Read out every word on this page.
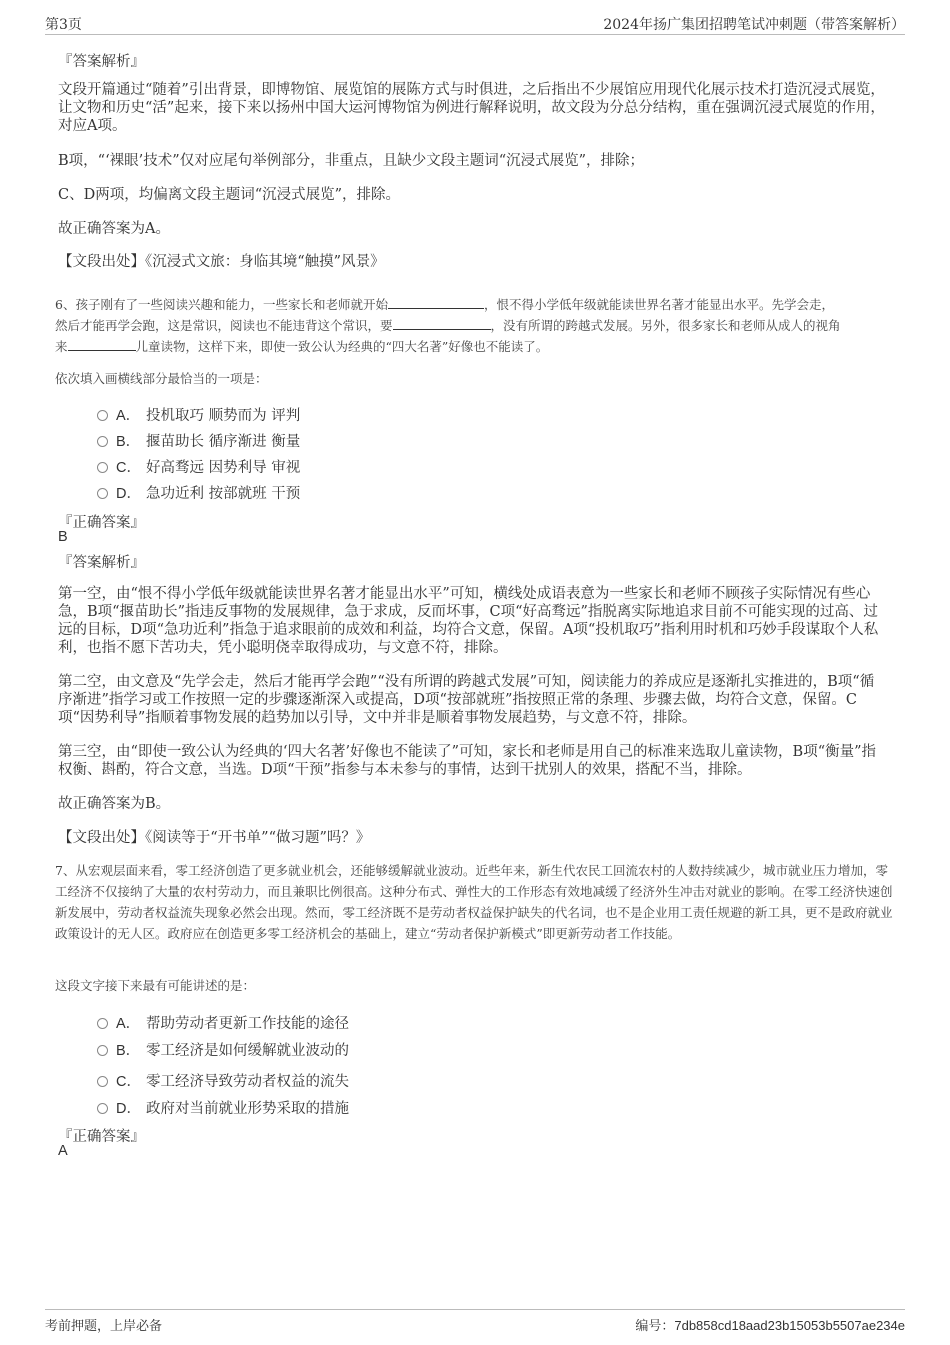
第3页	2024年扬广集团招聘笔试冲刺题（带答案解析）
『答案解析』

文段开篇通过“随着”引出背景，即博物馆、展览馆的展陈方式与时俱进，之后指出不少展馆应用现代化展示技术打造沉浸式展览，让文物和历史“活”起来，接下来以扬州中国大运河博物馆为例进行解释说明，故文段为分总分结构，重在强调沉浸式展览的作用，对应A项。

B项，“‘裸眼’技术”仅对应尾句举例部分，非重点，且缺少文段主题词“沉浸式展览”，排除；

C、D两项，均偏离文段主题词“沉浸式展览”，排除。

故正确答案为A。

【文段出处】《沉浸式文旅：身临其境“触摸”风景》

6、孩子刚有了一些阅读兴趣和能力，一些家长和老师就开始	，恨不得小学低年级就能读世界名著才能显出水平。先学会走，
然后才能再学会跑，这是常识，阅读也不能违背这个常识，要	，没有所谓的跨越式发展。另外，很多家长和老师从成人的视角
来	儿童读物，这样下来，即使一致公认为经典的“四大名著”好像也不能读了。
依次填入画横线部分最恰当的一项是：
A． 投机取巧 顺势而为 评判
B． 揠苗助长 循序渐进 衡量
C． 好高骛远 因势利导 审视
D． 急功近利 按部就班 干预
『正确答案』
B
『答案解析』

第一空，由“恨不得小学低年级就能读世界名著才能显出水平”可知，横线处成语表意为一些家长和老师不顾孩子实际情况有些心急，B项“揠苗助长”指违反事物的发展规律，急于求成，反而坏事，C项“好高骛远”指脱离实际地追求目前不可能实现的过高、过远的目标，D项“急功近利”指急于追求眼前的成效和利益，均符合文意，保留。A项“投机取巧”指利用时机和巧妙手段谋取个人私利，也指不愿下苦功夫，凭小聪明侥幸取得成功，与文意不符，排除。

第二空，由文意及“先学会走，然后才能再学会跑”“没有所谓的跨越式发展”可知，阅读能力的养成应是逐渐扎实推进的，B项“循序渐进”指学习或工作按照一定的步骤逐渐深入或提高，D项“按部就班”指按照正常的条理、步骤去做，均符合文意，保留。C项“因势利导”指顺着事物发展的趋势加以引导，文中并非是顺着事物发展趋势，与文意不符，排除。

第三空，由“即使一致公认为经典的‘四大名著’好像也不能读了”可知，家长和老师是用自己的标准来选取儿童读物，B项“衡量”指权衡、斟酌，符合文意，当选。D项“干预”指参与本未参与的事情，达到干扰别人的效果，搭配不当，排除。

故正确答案为B。

【文段出处】《阅读等于“开书单”“做习题”吗？》

7、从宏观层面来看，零工经济创造了更多就业机会，还能够缓解就业波动。近些年来，新生代农民工回流农村的人数持续减少，城市就业压力增加，零工经济不仅接纳了大量的农村劳动力，而且兼职比例很高。这种分布式、弹性大的工作形态有效地减缓了经济外生冲击对就业的影响。在零工经济快速创新发展中，劳动者权益流失现象必然会出现。然而，零工经济既不是劳动者权益保护缺失的代名词，也不是企业用工责任规避的新工具，更不是政府就业政策设计的无人区。政府应在创造更多零工经济机会的基础上，建立“劳动者保护新模式”即更新劳动者工作技能。
这段文字接下来最有可能讲述的是：
A． 帮助劳动者更新工作技能的途径
B． 零工经济是如何缓解就业波动的
C． 零工经济导致劳动者权益的流失
D． 政府对当前就业形势采取的措施
『正确答案』
A
考前押题，上岸必备	编号：7db858cd18aad23b15053b5507ae234e
